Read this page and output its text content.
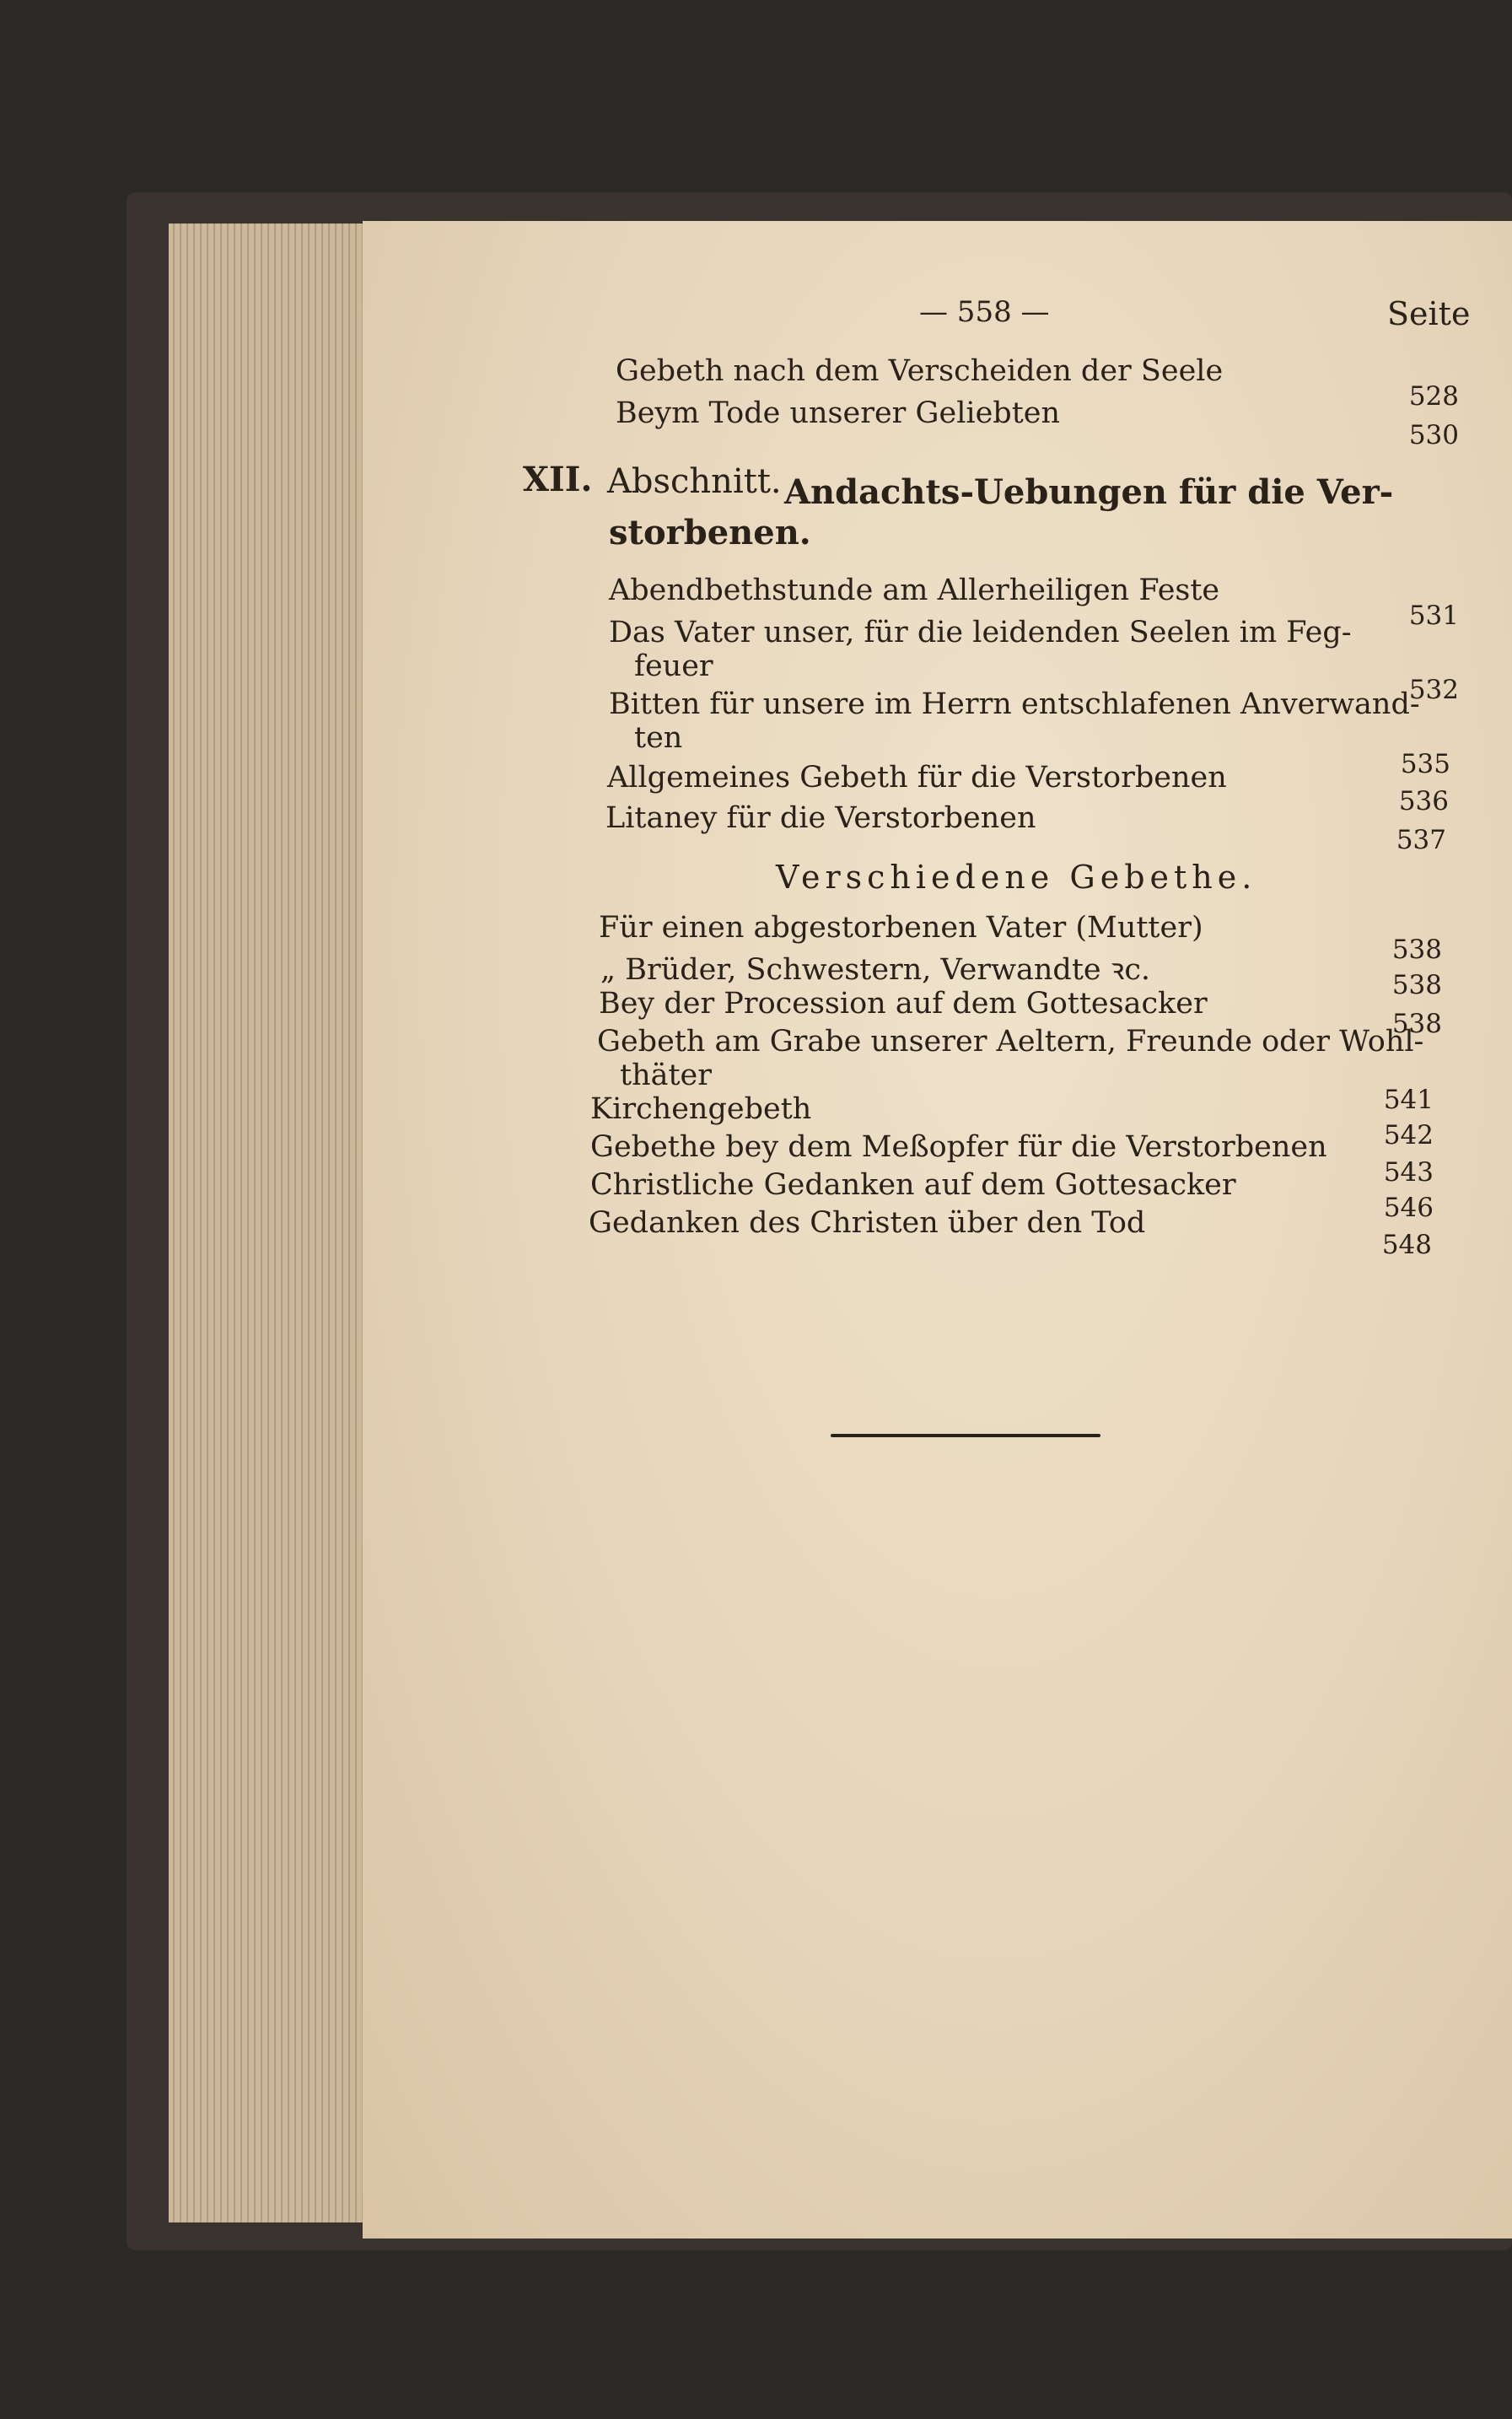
— 558 —	Seite
Gebeth nach dem Verscheiden der Seele
528
Beym Tode unserer Geliebten
530
XII. Abschnitt. Andachts-Uebungen für die Ver-
storbenen.
Abendbethstunde am Allerheiligen Feste
531
Das Vater unser, für die leidenden Seelen im Feg-
feuer
532
Bitten für unsere im Herrn entschlafenen Anverwand-
ten
535
Allgemeines Gebeth für die Verstorbenen
536
Litaney für die Verstorbenen
537
Verschiedene Gebethe.
Für einen abgestorbenen Vater (Mutter)
538
„ Brüder, Schwestern, Verwandte ꝛc.	538
Bey der Procession auf dem Gottesacker
538
Gebeth am Grabe unserer Aeltern, Freunde oder Wohl-
thäter
541
Kirchengebeth
542
Gebethe bey dem Meßopfer für die Verstorbenen
543
Christliche Gedanken auf dem Gottesacker
546
Gedanken des Christen über den Tod
548
